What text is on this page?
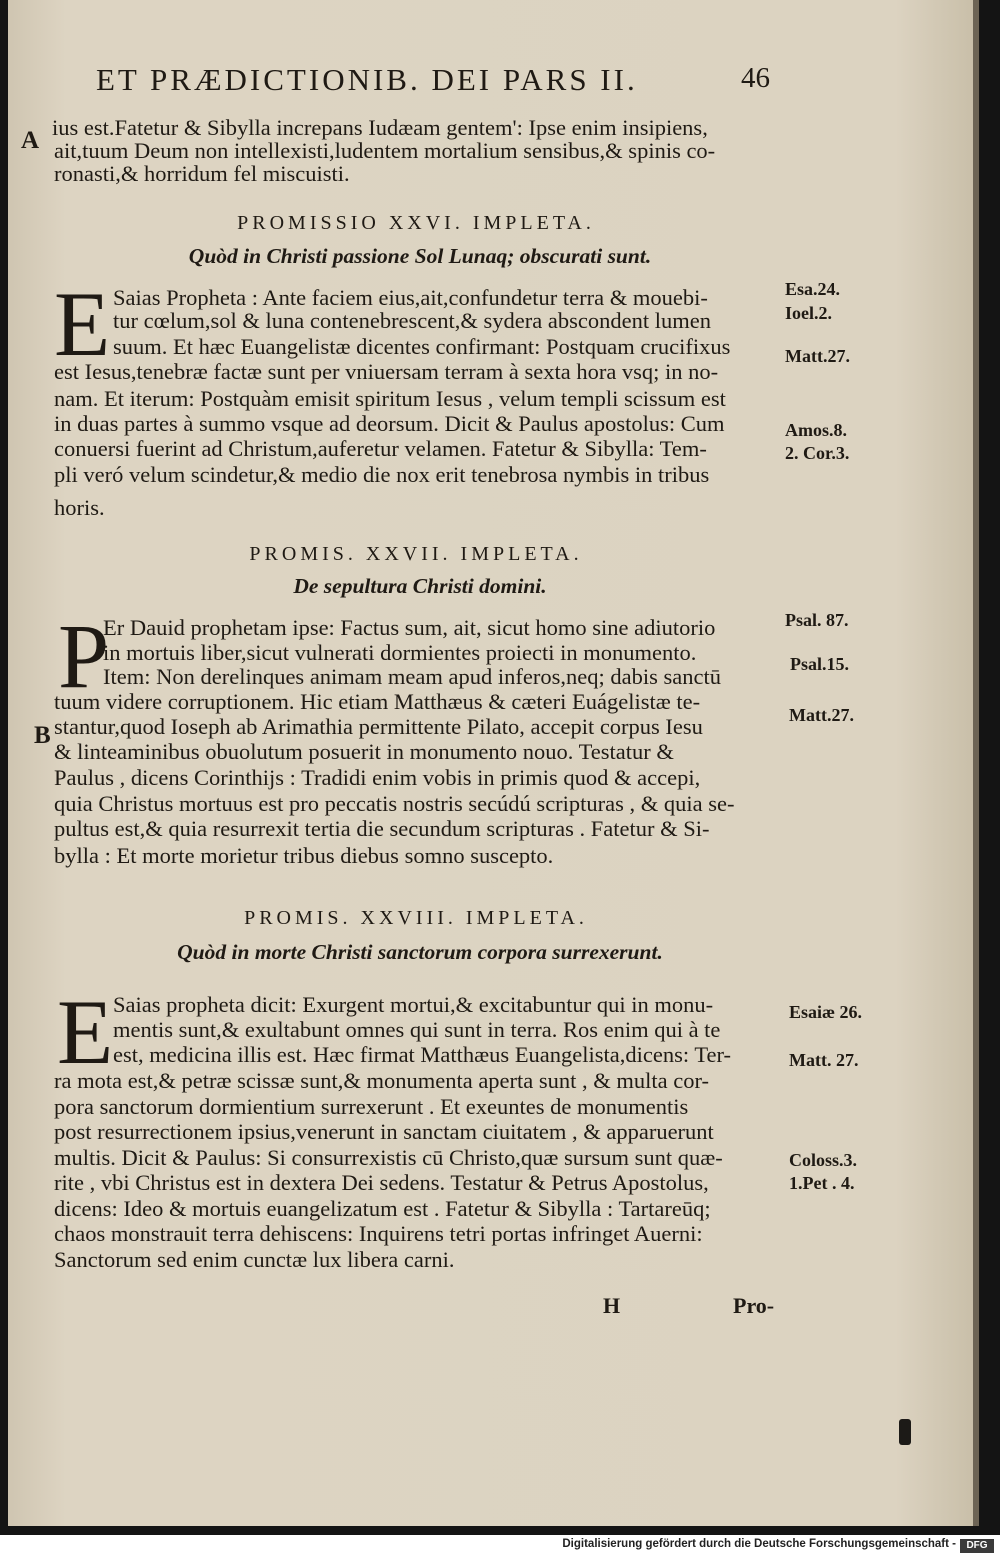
ET PRÆDICTIONIB. DEI PARS II.	46
A
B
ius est.Fatetur & Sibylla increpans Iudæam gentem': Ipse enim insipiens,
ait,tuum Deum non intellexisti,ludentem mortalium sensibus,& spinis co-
ronasti,& horridum fel miscuisti.
PROMISSIO XXVI. IMPLETA.
Quòd in Christi passione Sol Lunaq; obscurati sunt.
E Saias Propheta : Ante faciem eius,ait,confundetur terra & mouebi-
tur cœlum,sol & luna contenebrescent,& sydera abscondent lumen
suum. Et hæc Euangelistæ dicentes confirmant: Postquam crucifixus
est Iesus,tenebræ factæ sunt per vniuersam terram à sexta hora vsq; in no-
nam. Et iterum: Postquàm emisit spiritum Iesus , velum templi scissum est
in duas partes à summo vsque ad deorsum. Dicit & Paulus apostolus: Cum
conuersi fuerint ad Christum,auferetur velamen. Fatetur & Sibylla: Tem-
pli veró velum scindetur,& medio die nox erit tenebrosa nymbis in tribus
horis.
Esa.24.
Ioel.2.
Matt.27.
Amos.8.
2. Cor.3.
PROMIS. XXVII. IMPLETA.
De sepultura Christi domini.
P
Er Dauid prophetam ipse: Factus sum, ait, sicut homo sine adiutorio
in mortuis liber,sicut vulnerati dormientes proiecti in monumento.
Item: Non derelinques animam meam apud inferos,neq; dabis sanctū
tuum videre corruptionem. Hic etiam Matthæus & cæteri Euágelistæ te-
stantur,quod Ioseph ab Arimathia permittente Pilato, accepit corpus Iesu
& linteaminibus obuolutum posuerit in monumento nouo. Testatur &
Paulus , dicens Corinthijs : Tradidi enim vobis in primis quod & accepi,
quia Christus mortuus est pro peccatis nostris secúdú scripturas , & quia se-
pultus est,& quia resurrexit tertia die secundum scripturas . Fatetur & Si-
bylla : Et morte morietur tribus diebus somno suscepto.
Psal. 87.
Psal.15.
Matt.27.
PROMIS. XXVIII. IMPLETA.
Quòd in morte Christi sanctorum corpora surrexerunt.
E Saias propheta dicit: Exurgent mortui,& excitabuntur qui in monu-
mentis sunt,& exultabunt omnes qui sunt in terra. Ros enim qui à te
est, medicina illis est. Hæc firmat Matthæus Euangelista,dicens: Ter-
ra mota est,& petræ scissæ sunt,& monumenta aperta sunt , & multa cor-
pora sanctorum dormientium surrexerunt . Et exeuntes de monumentis
post resurrectionem ipsius,venerunt in sanctam ciuitatem , & apparuerunt
multis. Dicit & Paulus: Si consurrexistis cū Christo,quæ sursum sunt quæ-
rite , vbi Christus est in dextera Dei sedens. Testatur & Petrus Apostolus,
dicens: Ideo & mortuis euangelizatum est . Fatetur & Sibylla : Tartareūq;
chaos monstrauit terra dehiscens: Inquirens tetri portas infringet Auerni:
Sanctorum sed enim cunctæ lux libera carni.
Esaiæ 26.
Matt. 27.
Coloss.3.
1.Pet . 4.
H	Pro-
Digitalisierung gefördert durch die Deutsche Forschungsgemeinschaft -	DFG
